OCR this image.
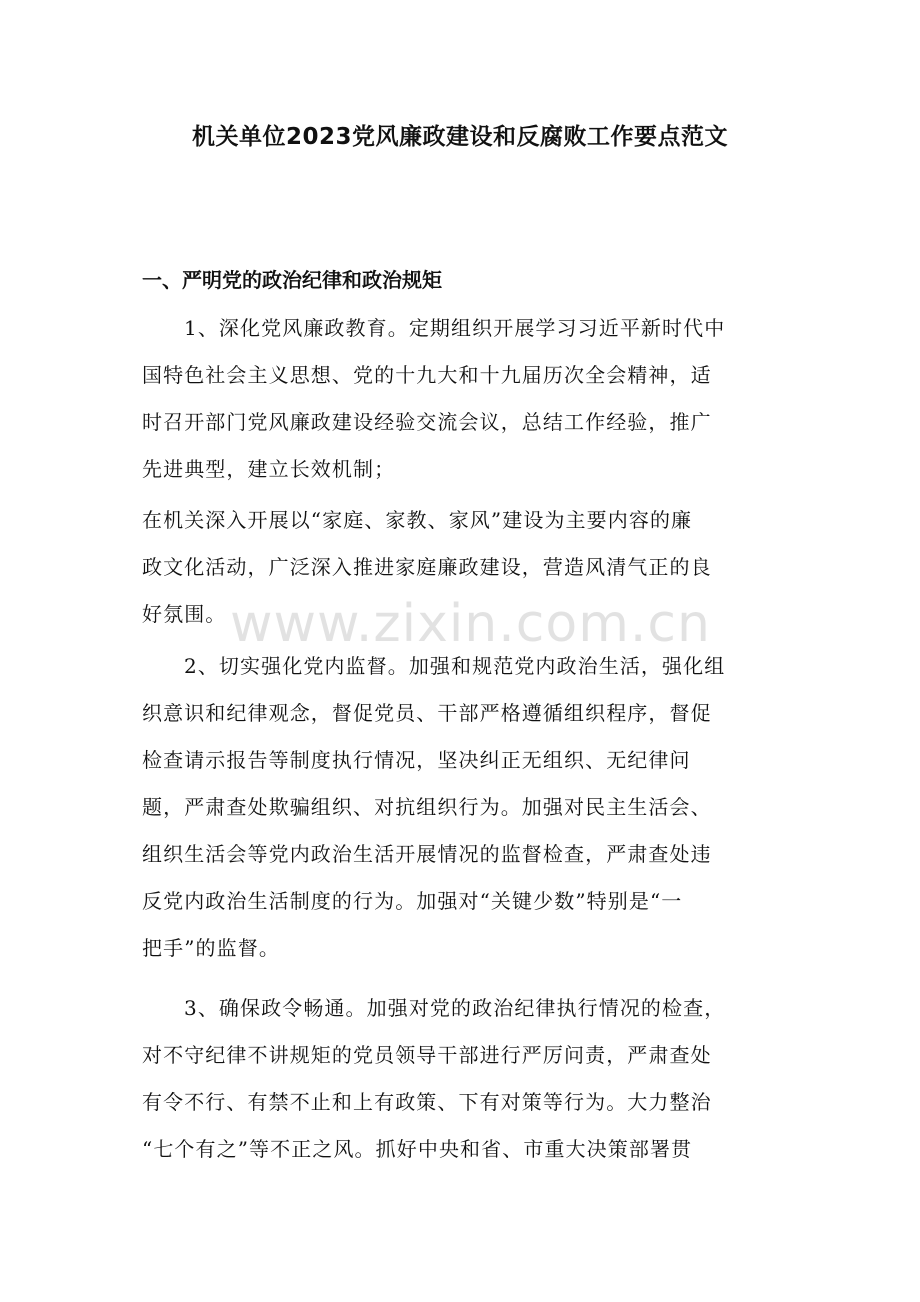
机关单位2023党风廉政建设和反腐败工作要点范文
一、严明党的政治纪律和政治规矩
1、深化党风廉政教育。定期组织开展学习习近平新时代中
国特色社会主义思想、党的十九大和十九届历次全会精神，适
时召开部门党风廉政建设经验交流会议，总结工作经验，推广
先进典型，建立长效机制；
在机关深入开展以“家庭、家教、家风”建设为主要内容的廉
政文化活动，广泛深入推进家庭廉政建设，营造风清气正的良
好氛围。
2、切实强化党内监督。加强和规范党内政治生活，强化组
织意识和纪律观念，督促党员、干部严格遵循组织程序，督促
检查请示报告等制度执行情况，坚决纠正无组织、无纪律问
题，严肃查处欺骗组织、对抗组织行为。加强对民主生活会、
组织生活会等党内政治生活开展情况的监督检查，严肃查处违
反党内政治生活制度的行为。加强对“关键少数”特别是“一
把手”的监督。
3、确保政令畅通。加强对党的政治纪律执行情况的检查，
对不守纪律不讲规矩的党员领导干部进行严厉问责，严肃查处
有令不行、有禁不止和上有政策、下有对策等行为。大力整治
“七个有之”等不正之风。抓好中央和省、市重大决策部署贯
www.zixin.com.cn
